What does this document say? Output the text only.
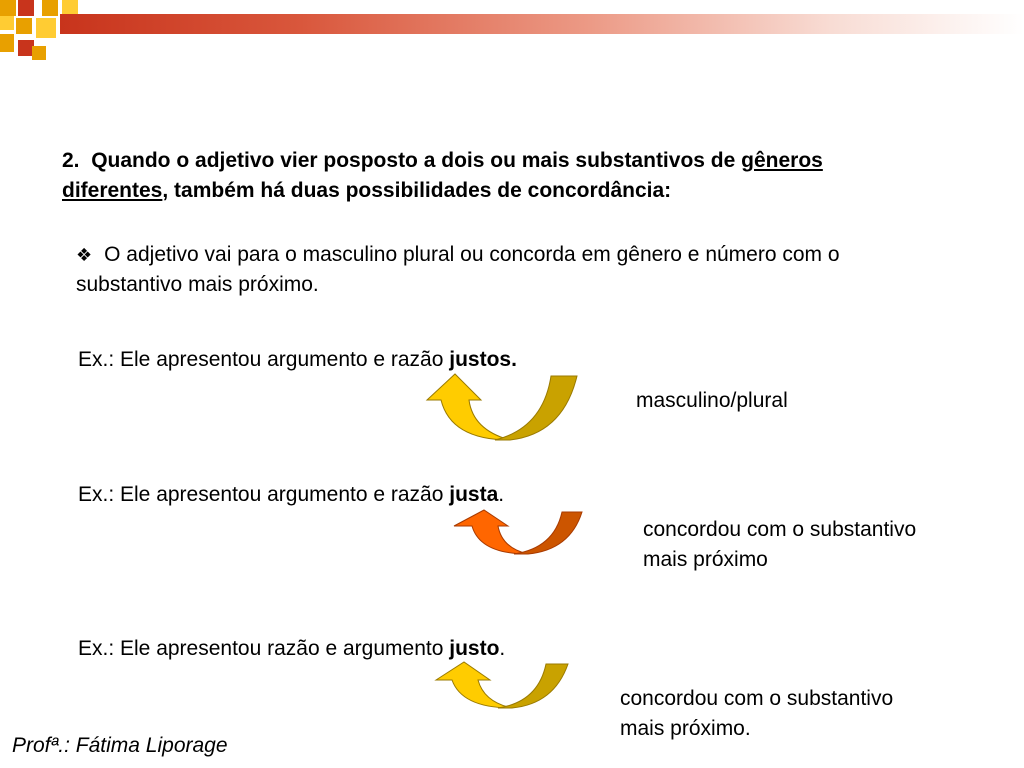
2. Quando o adjetivo vier posposto a dois ou mais substantivos de gêneros
diferentes, também há duas possibilidades de concordância:
❖ O adjetivo vai para o masculino plural ou concorda em gênero e número com o
substantivo mais próximo.
Ex.: Ele apresentou argumento e razão justos.
masculino/plural
Ex.: Ele apresentou argumento e razão justa.
concordou com o substantivo
mais próximo
Ex.: Ele apresentou razão e argumento justo.
concordou com o substantivo
mais próximo.
Profª.: Fátima Liporage
